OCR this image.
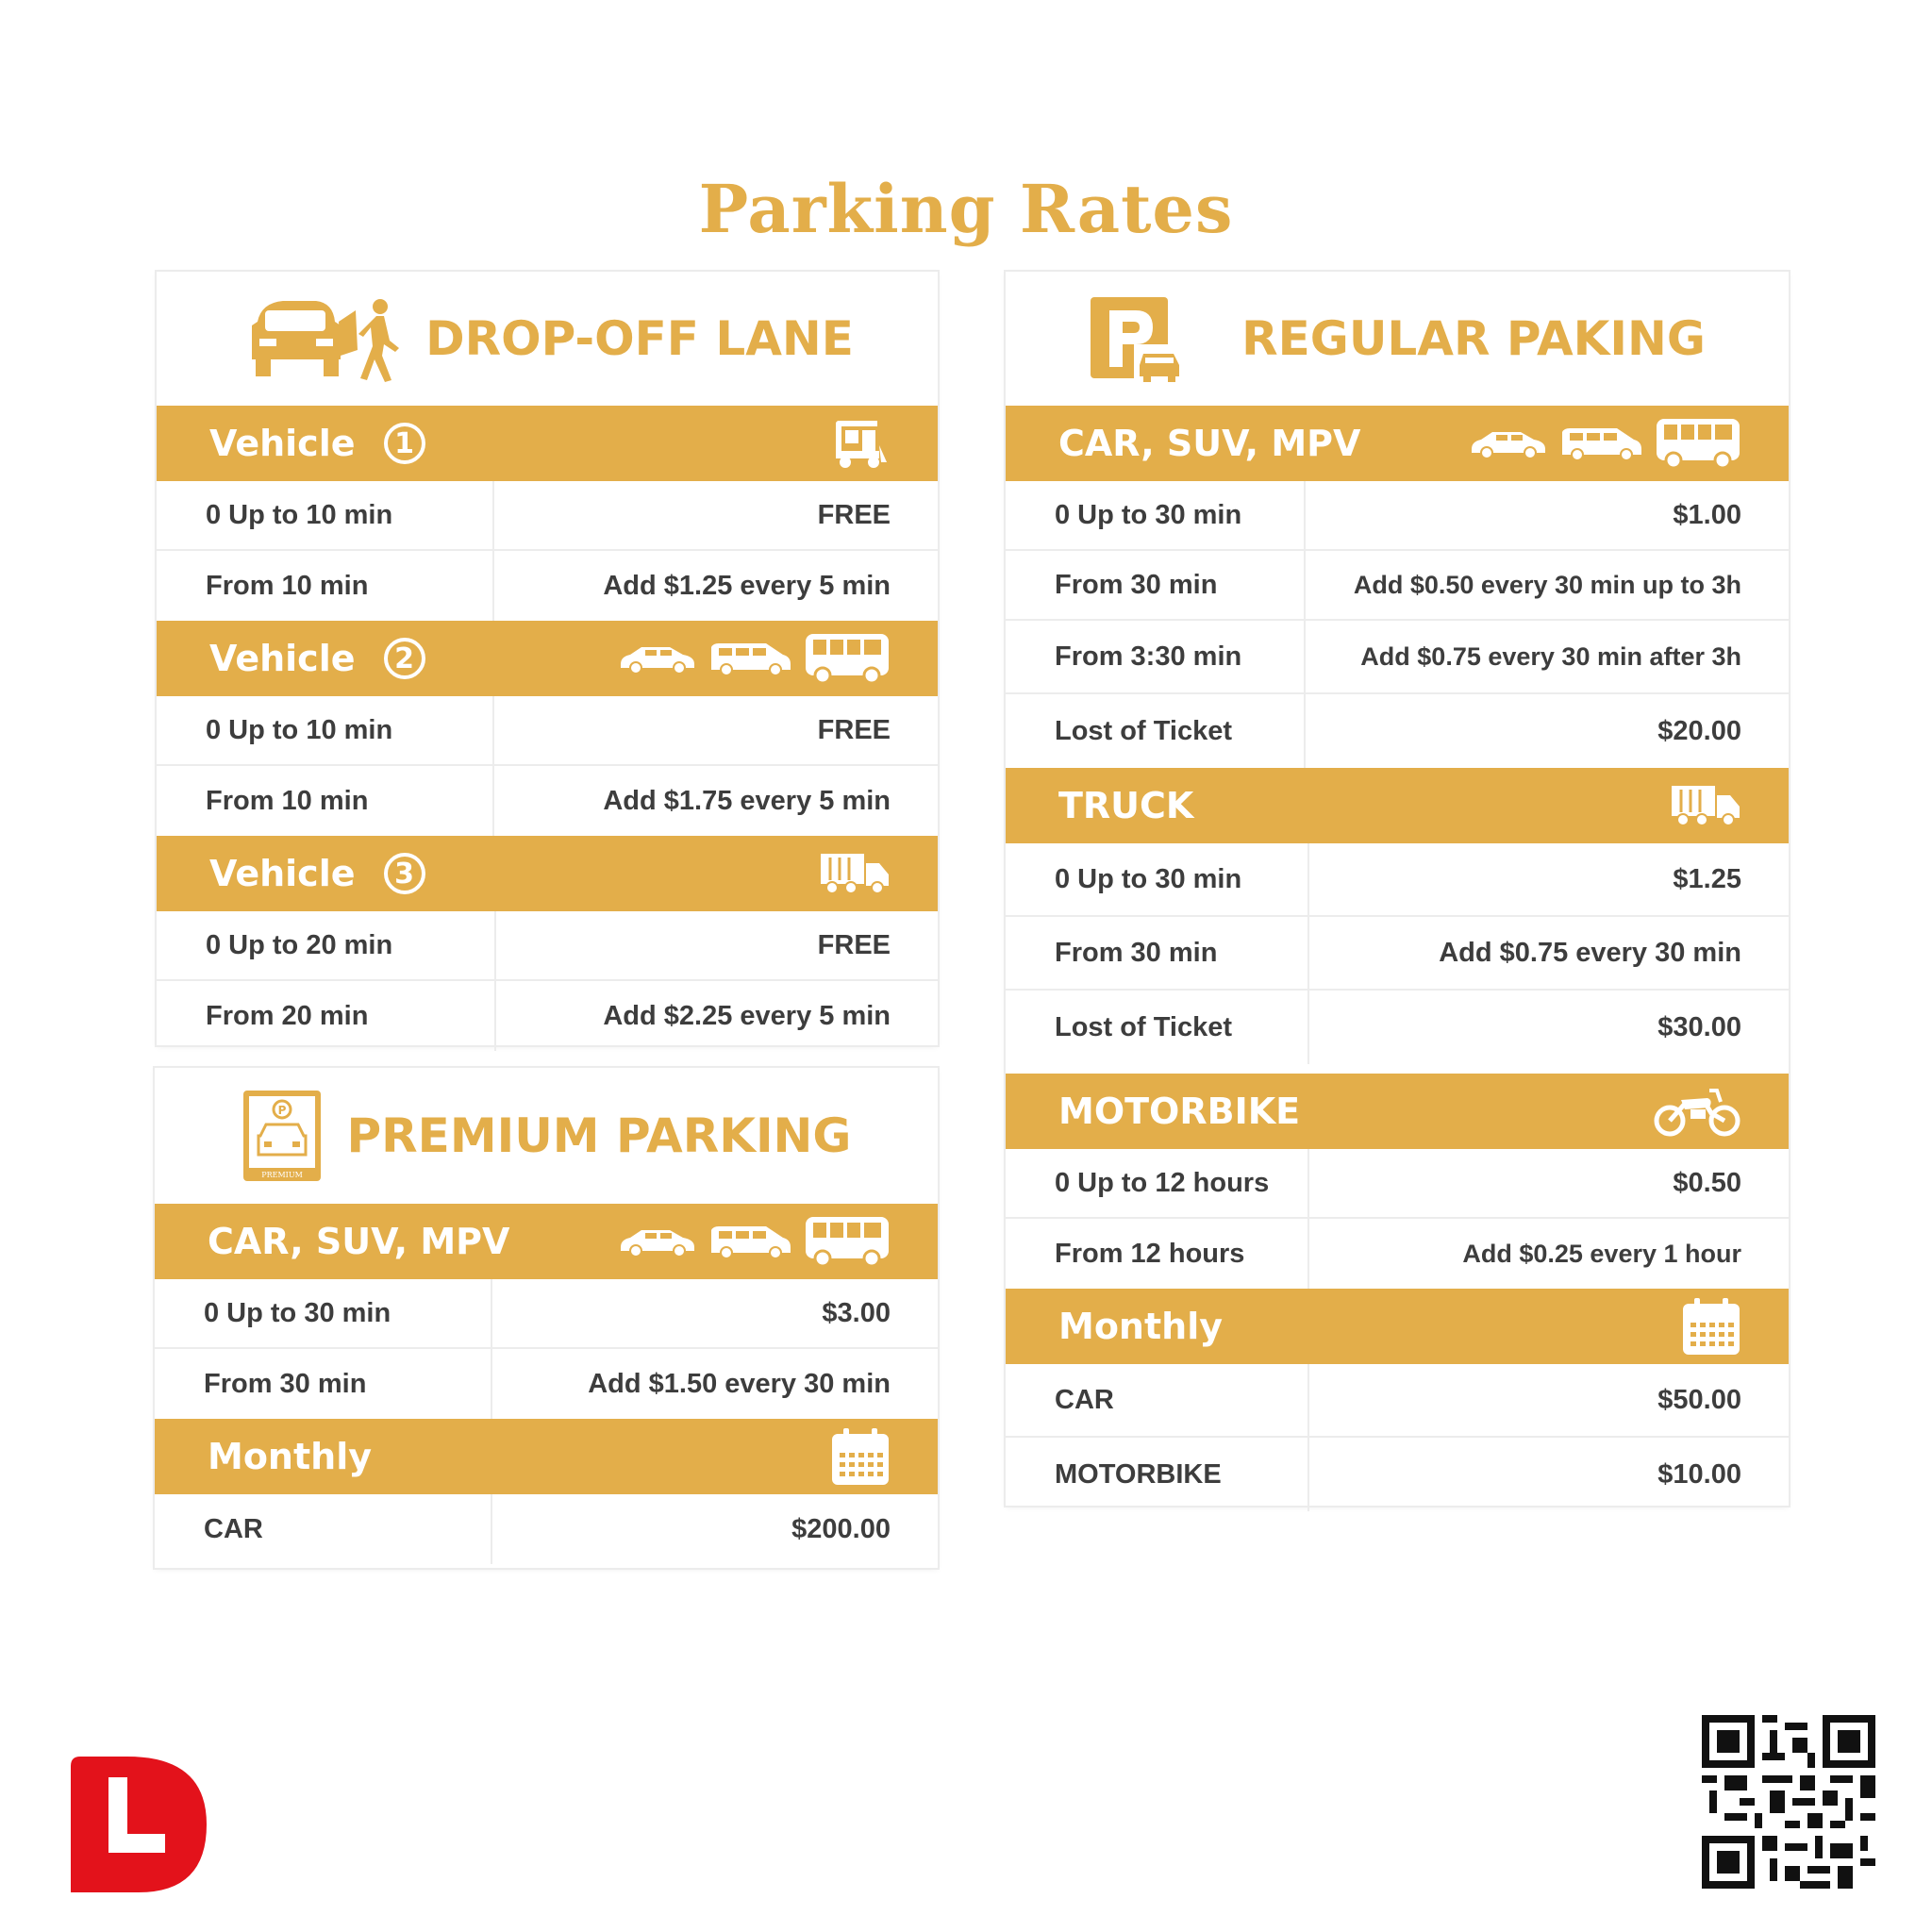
Parking Rates
DROP-OFF LANE
Vehicle	1
0 Up to 10 min	FREE
From 10 min	Add $1.25 every 5 min
Vehicle	2
0 Up to 10 min	FREE
From 10 min	Add $1.75 every 5 min
Vehicle	3
0 Up to 20 min	FREE
From 20 min	Add $2.25 every 5 min
P
PREMIUM
PREMIUM PARKING
CAR, SUV, MPV
0 Up to 30 min	$3.00
From 30 min	Add $1.50 every 30 min
Monthly
CAR	$200.00
REGULAR PAKING
CAR, SUV, MPV
0 Up to 30 min	$1.00
From 30 min	Add $0.50 every 30 min up to 3h
From 3:30 min	Add $0.75 every 30 min after 3h
Lost of Ticket	$20.00
TRUCK
0 Up to 30 min	$1.25
From 30 min	Add $0.75 every 30 min
Lost of Ticket	$30.00
MOTORBIKE
0 Up to 12 hours	$0.50
From 12 hours	Add $0.25 every 1 hour
Monthly
CAR	$50.00
MOTORBIKE	$10.00
